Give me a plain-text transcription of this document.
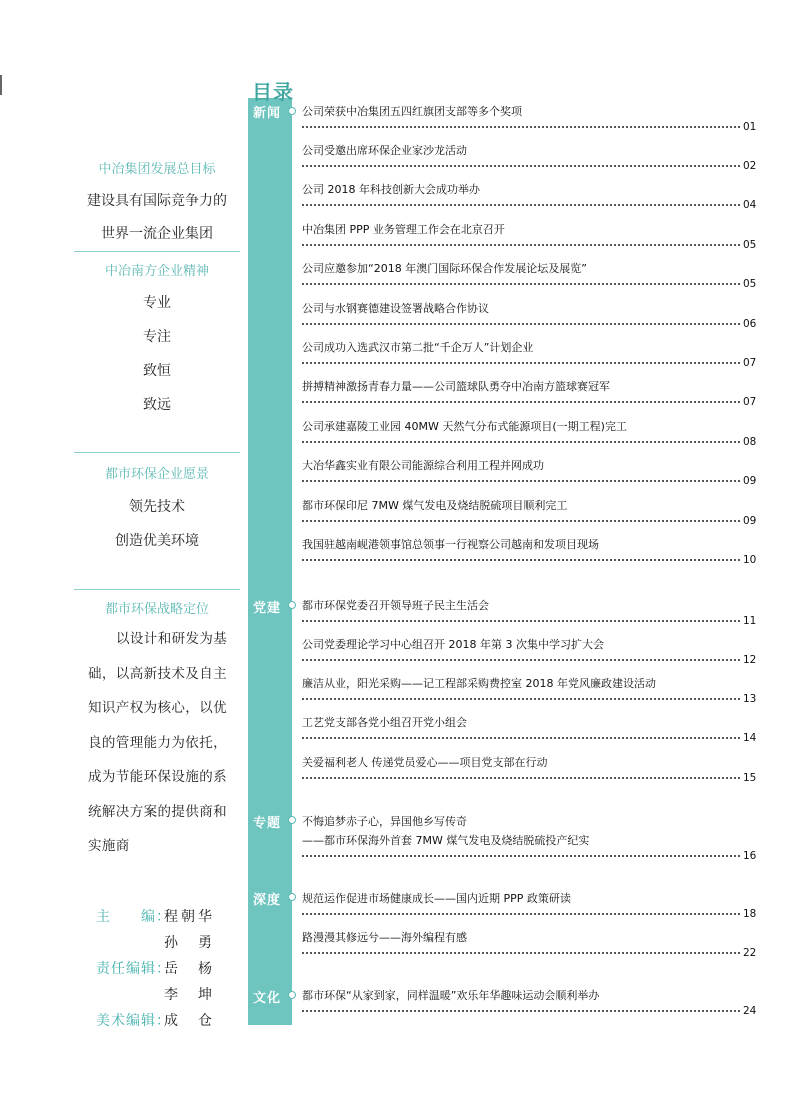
中冶集团发展总目标
建设具有国际竞争力的
世界一流企业集团
中冶南方企业精神
专业
专注
致恒
致远
都市环保企业愿景
领先技术
创造优美环境
都市环保战略定位
以设计和研发为基础，以高新技术及自主知识产权为核心，以优良的管理能力为依托，成为节能环保设施的系统解决方案的提供商和实施商
主　　编：
程朝华
孙　勇
责任编辑：
岳　杨
李　坤
美术编辑：
成　仓
目录
新闻
党建
专题
深度
文化
公司荣获中冶集团五四红旗团支部等多个奖项
01
公司受邀出席环保企业家沙龙活动
02
公司 2018 年科技创新大会成功举办
04
中冶集团 PPP 业务管理工作会在北京召开
05
公司应邀参加“2018 年澳门国际环保合作发展论坛及展览”
05
公司与水钢赛德建设签署战略合作协议
06
公司成功入选武汉市第二批“千企万人”计划企业
07
拼搏精神激扬青春力量——公司篮球队勇夺中冶南方篮球赛冠军
07
公司承建嘉陵工业园 40MW 天然气分布式能源项目(一期工程)完工
08
大冶华鑫实业有限公司能源综合利用工程并网成功
09
都市环保印尼 7MW 煤气发电及烧结脱硫项目顺利完工
09
我国驻越南岘港领事馆总领事一行视察公司越南和发项目现场
10
都市环保党委召开领导班子民主生活会
11
公司党委理论学习中心组召开 2018 年第 3 次集中学习扩大会
12
廉洁从业，阳光采购——记工程部采购费控室 2018 年党风廉政建设活动
13
工艺党支部各党小组召开党小组会
14
关爱福利老人 传递党员爱心——项目党支部在行动
15
不悔追梦赤子心，异国他乡写传奇
——都市环保海外首套 7MW 煤气发电及烧结脱硫投产纪实
16
规范运作促进市场健康成长——国内近期 PPP 政策研读
18
路漫漫其修远兮——海外编程有感
22
都市环保“从家到家，同样温暖”欢乐年华趣味运动会顺利举办
24
